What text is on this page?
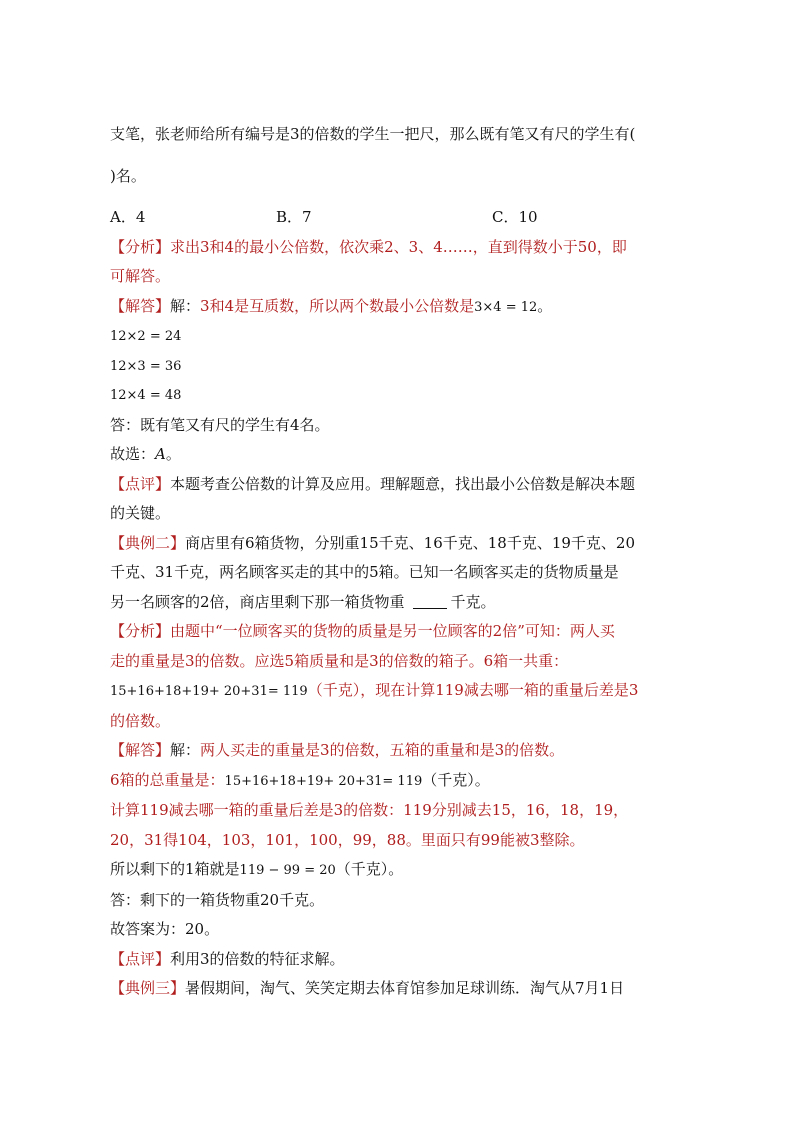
支笔，张老师给所有编号是3的倍数的学生一把尺，那么既有笔又有尺的学生有(
)名。
A．4	B．7	C．10
【分析】求出3和4的最小公倍数，依次乘2、3、4……，直到得数小于50，即
可解答。
【解答】解：3和4是互质数，所以两个数最小公倍数是3×4 = 12。
12×2 = 24
12×3 = 36
12×4 = 48
答：既有笔又有尺的学生有4名。
故选：A。
【点评】本题考查公倍数的计算及应用。理解题意，找出最小公倍数是解决本题
的关键。
【典例二】商店里有6箱货物，分别重15千克、16千克、18千克、19千克、20
千克、31千克，两名顾客买走的其中的5箱。已知一名顾客买走的货物质量是
另一名顾客的2倍，商店里剩下那一箱货物重	千克。
【分析】由题中“一位顾客买的货物的质量是另一位顾客的2倍”可知：两人买
走的重量是3的倍数。应选5箱质量和是3的倍数的箱子。6箱一共重：
15+16+18+19+ 20+31= 119（千克），现在计算119减去哪一箱的重量后差是3
的倍数。
【解答】解：两人买走的重量是3的倍数，五箱的重量和是3的倍数。
6箱的总重量是：15+16+18+19+ 20+31= 119（千克）。
计算119减去哪一箱的重量后差是3的倍数：119分别减去15，16，18，19，
20，31得104，103，101，100，99，88。里面只有99能被3整除。
所以剩下的1箱就是119 − 99 = 20（千克）。
答：剩下的一箱货物重20千克。
故答案为：20。
【点评】利用3的倍数的特征求解。
【典例三】暑假期间，淘气、笑笑定期去体育馆参加足球训练．淘气从7月1日
